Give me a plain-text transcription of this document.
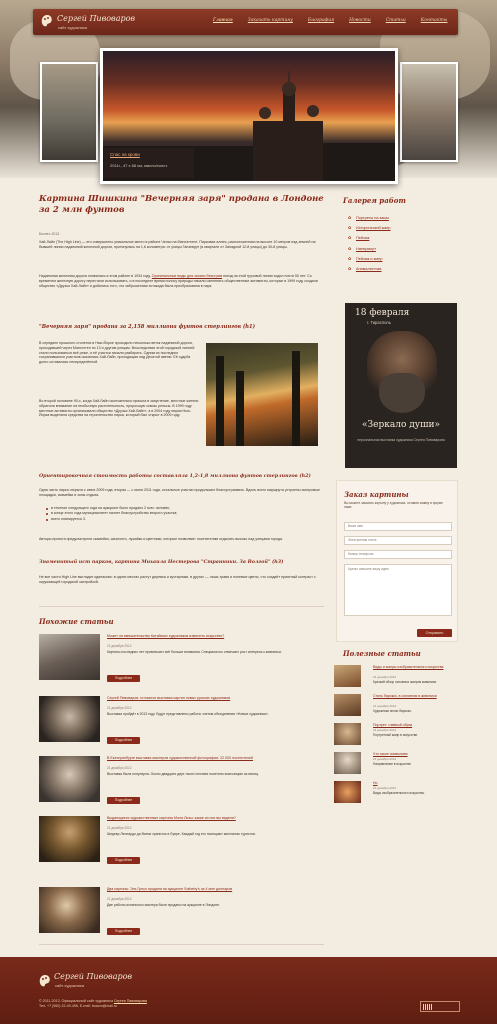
Сергей Пивоваров
сайт художника
Главная	Заказать картину	Биография	Новости	Статьи	Контакты
Спас на крови
2011г., 47 х 68 см, масло/холст.
Картина Шишкина "Вечерняя заря" продана в Лондоне за 2 млн фунтов
Бизнес 2013

Хай-Лайн (The High Line) — это совершенно уникальное место в районе Челси на Манхэттене. Парковая аллея, расположенная на высоте 10 метров над землей на бывшей линии надземной железной дороги, протянулась на 1,6 километра: от улицы Ганзевурт (в квартале от Западной 12-й улицы) до 30-й улицы.

Надземная железная дорога появилась в этом районе в 1934 году. Оригинальные виды для записи бекстрим поезд на этой грузовой линии ходил почти 50 лет. Со временем железную дорогу перестали использовать, и в последнее время полосу природы начали озеленять общественные активисты, которые в 1999 году создали общество «Друзья Хай-Лайн» и добились того, что заброшенная эстакада была преобразована в парк.

"Вечерняя заря" продана за 2,158 миллиона фунтов стерлингов (h1)

В середине прошлого столетия в Нью-Йорке проходило несколько веток надземной дороги, проходившей через Манхэттен по 13 и другим улицам. Впоследствии этой городской линией стали пользоваться всё реже, и её участки начали разбирать. Одним из последних сохранившихся участков оказалась Хай-Лайн, проходящая над Десятой авеню. Её судьба долго оставалась неопределённой.

Во второй половине 90-х, когда Хай-Лайн окончательно пришла в запустение, местные жители обратили внимание на необычную растительность, проросшую сквозь рельсы. В 1999 году местные активисты организовали общество «Друзья Хай-Лайн», а в 2004 году мэрия Нью-Йорка выделила средства на строительство парка, который был открыт в 2009 году.

Ориентировочная стоимость работы составляла 1,2-1,8 миллиона фунтов стерлингов (h2)

Одна часть парка открыта с июня 2009 года, вторая — с июня 2011 года, остальные участки продолжают благоустраивать. Вдоль всего маршрута устроены смотровые площадки, скамейки и зоны отдыха.

в течение следующего года на аукционе было продано 2 млн. человек;
в конце этого года муниципалитет начнет благоустройство второго участка;
всего планируется 3.

Авторы проекта предусмотрели скамейки, шезлонги, лужайки и цветники, которые позволяют посетителям отдыхать высоко над улицами города.

Знаменитый ист парков, картина Михаила Нестерова "Странники. За Волгой" (h3)

Не все части High Line выглядят одинаково: в одних местах растут деревья и кустарники, в других — лишь трава и полевые цветы, что создаёт приятный контраст с окружающей городской застройкой.

Похожие статьи
Может ли вмешательство Китайских художников изменить искусство?
21 декабря 2012
Картины последних лет привлекают всё больше внимания. Специалисты отмечают рост интереса к живописи.
Подробнее
Сергей Пивоваров: готовится выставка картин новых русских художников
21 декабря 2012
Выставка пройдёт в 2013 году. Будут представлены работы членов объединения «Новые художники».
Подробнее
В Екатеринбурге выставка мастеров художественной фотографии: 22 000 посетителей
21 декабря 2012
Выставка была популярна. Около двадцати двух тысяч человек посетили экспозицию за месяц.
Подробнее
Выдающиеся художественные картины Мона Лизы: какие из них вы видели?
21 декабря 2012
Шедевр Леонардо да Винчи хранится в Лувре. Каждый год его посещают миллионы туристов.
Подробнее
Два картины: Эль Греко продана на аукционе Sotheby's за 4 млн долларов
21 декабря 2012
Две работы испанского мастера были проданы на аукционе в Лондоне.
Подробнее
Галерея работ
✿ Портреты на заказ
✿ Исторический жанр
✿ Пейзаж
✿ Натюрморт
✿ Пейзаж и жанр
✿ Анималистика
18 февраля
г. Тирасполь
«Зеркало души»
персональная выставка художника Сергея Пивоварова
Заказ картины
Вы можете заказать картину у художника, оставив заявку в форме ниже.
Ваше имя
Электронная почта
Номер телефона
Кратко опишите вашу идею
Отправить
Полезные статьи
Виды и жанры изобразительного искусства
21 декабря 2012
Краткий обзор основных жанров живописи.
Стиль барокко, в основном в живописи
21 декабря 2012
Художники эпохи барокко.
Портрет: главный образ
21 декабря 2012
Портретный жанр в искусстве.
Что такое символизм
21 декабря 2012
Направление в искусстве.
Но
21 декабря 2012
Виды изобразительного искусства.
Сергей Пивоваров
сайт художника
© 2011-2013. Официальный сайт художника Сергея Пивоварова
Тел. +7 (960) 22-49-496, E-mail: bsacm@mail.ru
